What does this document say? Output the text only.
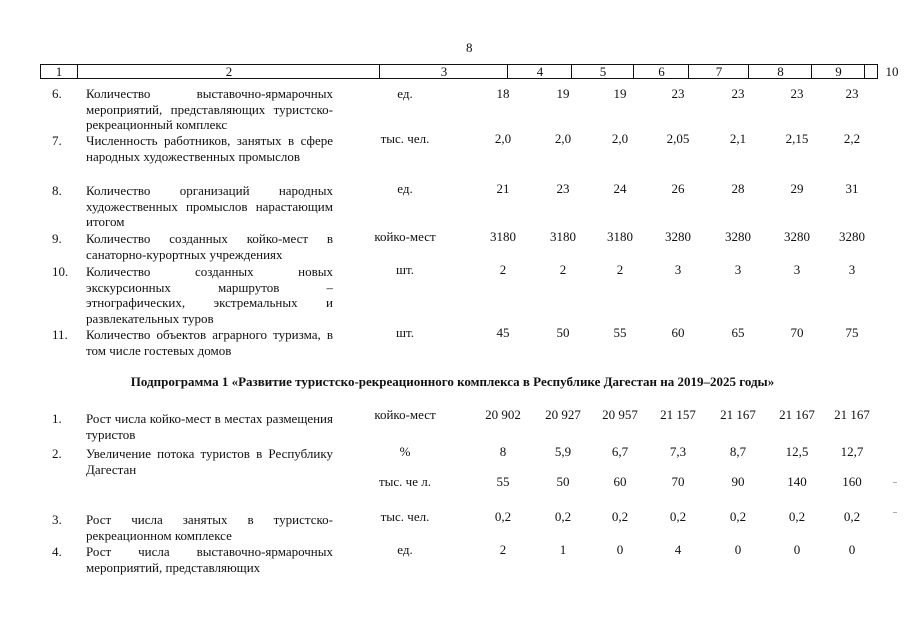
8
1	2	3	4	5	6	7	8	9	10
6.	Количество выставочно-ярмарочных мероприятий, представляющих туристско-рекреационный комплекс
ед.	18	19	19	23	23	23	23
7.	Численность работников, занятых в сфере народных художественных промыслов
тыс. чел.	2,0	2,0	2,0	2,05	2,1	2,15	2,2
8.	Количество организаций народных художественных промыслов нарастающим итогом
ед.	21	23	24	26	28	29	31
9.	Количество созданных койко-мест в санаторно-курортных учреждениях
койко-мест	3180	3180	3180	3280	3280	3280	3280
10. Количество созданных новых экскурсионных маршрутов – этнографических, экстремальных и развлекательных туров
шт.	2	2	2	3	3	3	3
11. Количество объектов аграрного туризма, в том числе гостевых домов
шт.	45	50	55	60	65	70	75
Подпрограмма 1 «Развитие туристско-рекреационного комплекса в Республике Дагестан на 2019–2025 годы»
1.	Рост числа койко-мест в местах размещения туристов
койко-мест	20 902	20 927	20 957	21 157	21 167	21 167	21 167
2.	Увеличение потока туристов в Республику Дагестан
%	8	5,9	6,7	7,3	8,7	12,5	12,7
тыс. че л.	55	50	60	70	90	140	160
3.	Рост числа занятых в туристско-рекреационном комплексе
тыс. чел.	0,2	0,2	0,2	0,2	0,2	0,2	0,2
4.	Рост числа выставочно-ярмарочных мероприятий, представляющих
ед.	2	1	0	4	0	0	0
